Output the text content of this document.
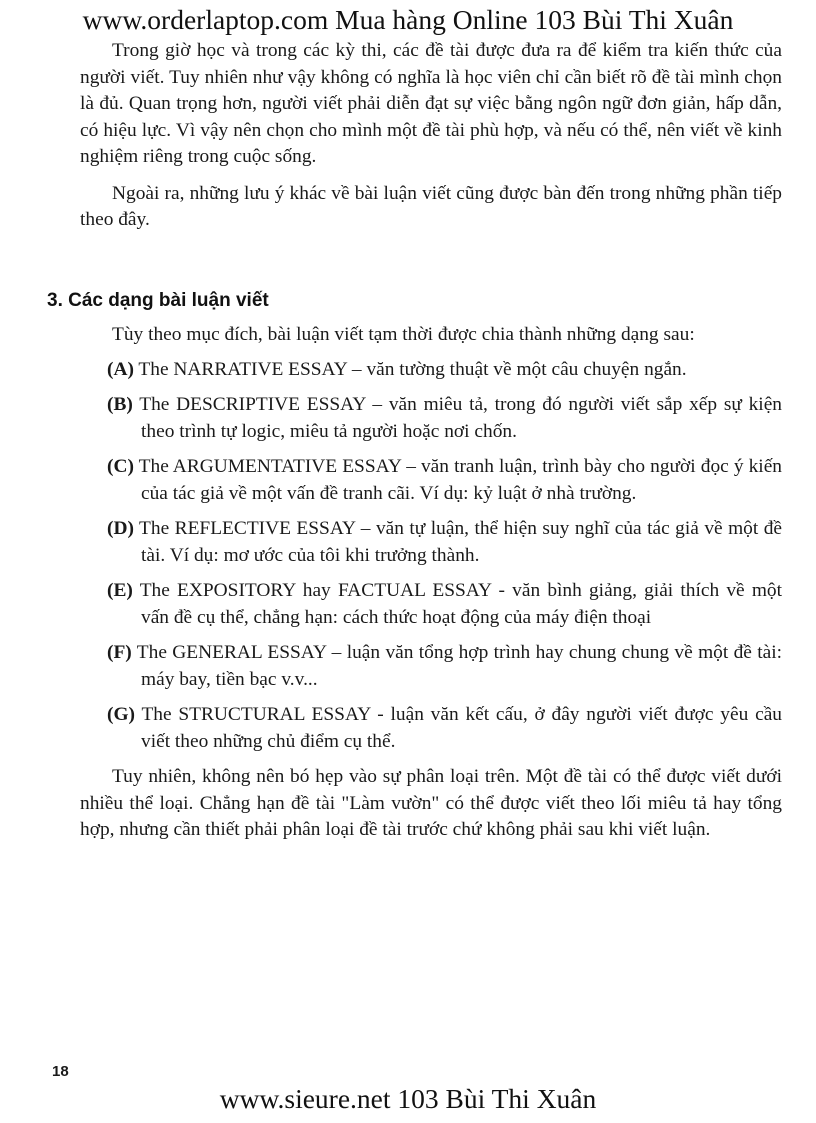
www.orderlaptop.com Mua hàng Online 103 Bùi Thi Xuân

Trong giờ học và trong các kỳ thi, các đề tài được đưa ra để kiểm tra kiến thức của người viết. Tuy nhiên như vậy không có nghĩa là học viên chỉ cần biết rõ đề tài mình chọn là đủ. Quan trọng hơn, người viết phải diễn đạt sự việc bằng ngôn ngữ đơn giản, hấp dẫn, có hiệu lực. Vì vậy nên chọn cho mình một đề tài phù hợp, và nếu có thể, nên viết về kinh nghiệm riêng trong cuộc sống.

Ngoài ra, những lưu ý khác về bài luận viết cũng được bàn đến trong những phần tiếp theo đây.

3. Các dạng bài luận viết

Tùy theo mục đích, bài luận viết tạm thời được chia thành những dạng sau:

(A) The NARRATIVE ESSAY – văn tường thuật về một câu chuyện ngắn.
(B) The DESCRIPTIVE ESSAY – văn miêu tả, trong đó người viết sắp xếp sự kiện theo trình tự logic, miêu tả người hoặc nơi chốn.
(C) The ARGUMENTATIVE ESSAY – văn tranh luận, trình bày cho người đọc ý kiến của tác giả về một vấn đề tranh cãi. Ví dụ: kỷ luật ở nhà trường.
(D) The REFLECTIVE ESSAY – văn tự luận, thể hiện suy nghĩ của tác giả về một đề tài. Ví dụ: mơ ước của tôi khi trưởng thành.
(E) The EXPOSITORY hay FACTUAL ESSAY - văn bình giảng, giải thích về một vấn đề cụ thể, chẳng hạn: cách thức hoạt động của máy điện thoại
(F) The GENERAL ESSAY – luận văn tổng hợp trình hay chung chung về một đề tài: máy bay, tiền bạc v.v...
(G) The STRUCTURAL ESSAY - luận văn kết cấu, ở đây người viết được yêu cầu viết theo những chủ điểm cụ thể.

Tuy nhiên, không nên bó hẹp vào sự phân loại trên. Một đề tài có thể được viết dưới nhiều thể loại. Chẳng hạn đề tài "Làm vườn" có thể được viết theo lối miêu tả hay tổng hợp, nhưng cần thiết phải phân loại đề tài trước chứ không phải sau khi viết luận.

18
www.sieure.net 103 Bùi Thi Xuân
